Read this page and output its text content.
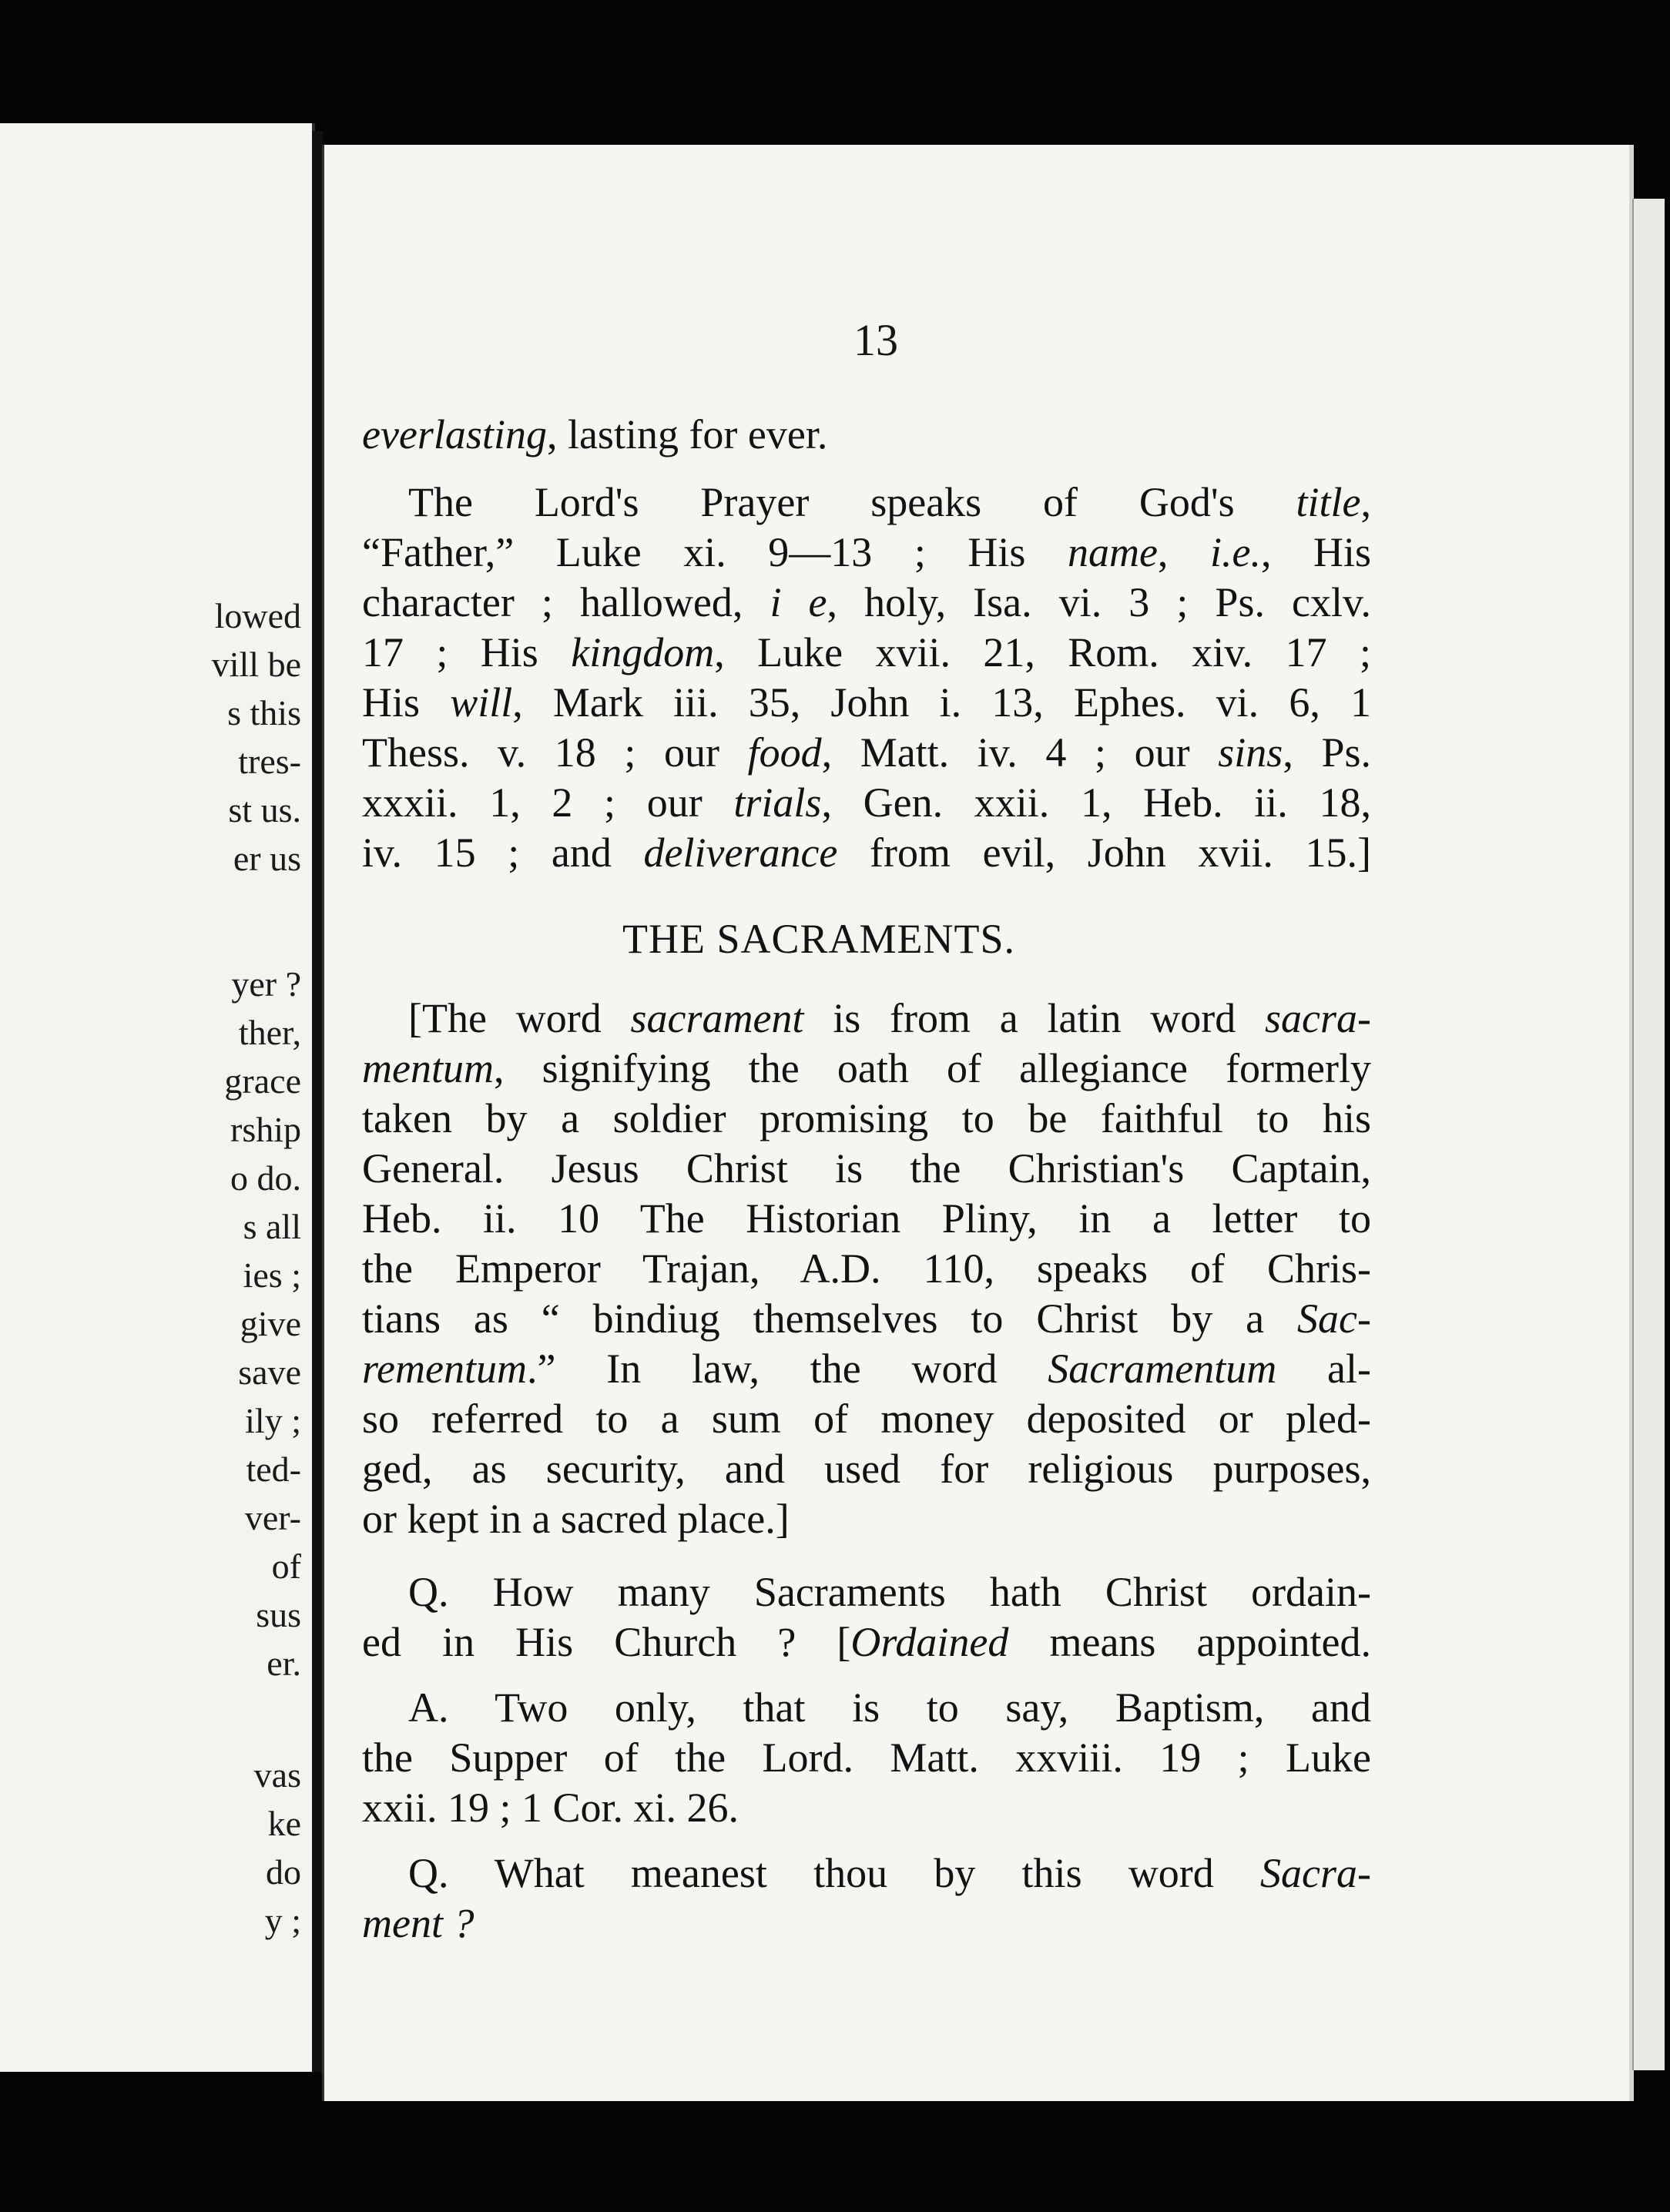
lowed
vill be
s this
tres-
st us.
er us
yer ?
ther,
grace
rship
o do.
s all
ies ;
give
save
ily ;
ted-
ver-
of
sus
er.
vas
ke
do
y ;
13
everlasting, lasting for ever.
The Lord's Prayer speaks of God's title,
“Father,” Luke xi. 9—13 ; His name, i.e., His
character ; hallowed, i e, holy, Isa. vi. 3 ; Ps. cxlv.
17 ; His kingdom, Luke xvii. 21, Rom. xiv. 17 ;
His will, Mark iii. 35, John i. 13, Ephes. vi. 6, 1
Thess. v. 18 ; our food, Matt. iv. 4 ; our sins, Ps.
xxxii. 1, 2 ; our trials, Gen. xxii. 1, Heb. ii. 18,
iv. 15 ; and deliverance from evil, John xvii. 15.]
[The word sacrament is from a latin word sacra-
mentum, signifying the oath of allegiance formerly
taken by a soldier promising to be faithful to his
General. Jesus Christ is the Christian's Captain,
Heb. ii. 10 The Historian Pliny, in a letter to
the Emperor Trajan, A.D. 110, speaks of Chris-
tians as “ bindiug themselves to Christ by a Sac-
rementum.” In law, the word Sacramentum al-
so referred to a sum of money deposited or pled-
ged, as security, and used for religious purposes,
or kept in a sacred place.]
Q. How many Sacraments hath Christ ordain-
ed in His Church ? [Ordained means appointed.
A. Two only, that is to say, Baptism, and
the Supper of the Lord. Matt. xxviii. 19 ; Luke
xxii. 19 ; 1 Cor. xi. 26.
Q. What meanest thou by this word Sacra-
ment ?
THE SACRAMENTS.
